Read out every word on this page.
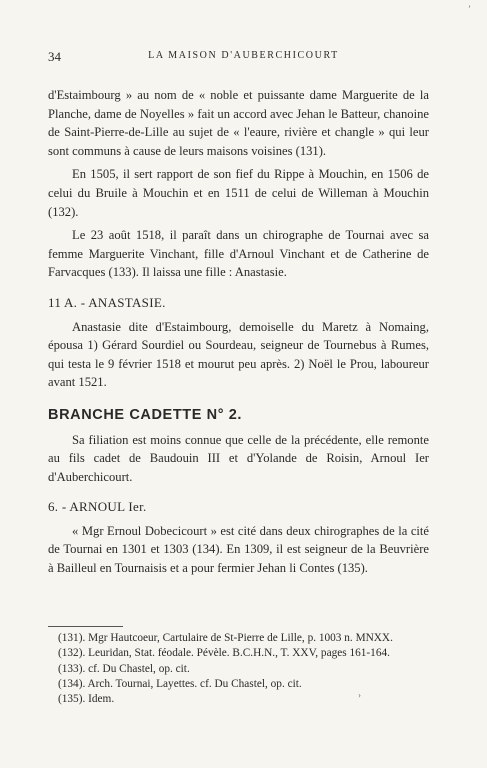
34	LA MAISON D'AUBERCHICOURT

d'Estaimbourg » au nom de « noble et puissante dame Marguerite de la Planche, dame de Noyelles » fait un accord avec Jehan le Batteur, chanoine de Saint-Pierre-de-Lille au sujet de « l'eaure, rivière et changle » qui leur sont communs à cause de leurs maisons voisines (131).

En 1505, il sert rapport de son fief du Rippe à Mouchin, en 1506 de celui du Bruile à Mouchin et en 1511 de celui de Willeman à Mouchin (132).

Le 23 août 1518, il paraît dans un chirographe de Tournai avec sa femme Marguerite Vinchant, fille d'Arnoul Vinchant et de Catherine de Farvacques (133). Il laissa une fille : Anastasie.

11 A. - ANASTASIE.

Anastasie dite d'Estaimbourg, demoiselle du Maretz à Nomaing, épousa 1) Gérard Sourdiel ou Sourdeau, seigneur de Tournebus à Rumes, qui testa le 9 février 1518 et mourut peu après. 2) Noël le Prou, laboureur avant 1521.

BRANCHE CADETTE N° 2.

Sa filiation est moins connue que celle de la précédente, elle remonte au fils cadet de Baudouin III et d'Yolande de Roisin, Arnoul Ier d'Auberchicourt.

6. - ARNOUL Ier.

« Mgr Ernoul Dobecicourt » est cité dans deux chirographes de la cité de Tournai en 1301 et 1303 (134). En 1309, il est seigneur de la Beuvrière à Bailleul en Tournaisis et a pour fermier Jehan li Contes (135).

(131). Mgr Hautcoeur, Cartulaire de St-Pierre de Lille, p. 1003 n. MNXX.
(132). Leuridan, Stat. féodale. Pévèle. B.C.H.N., T. XXV, pages 161-164.
(133). cf. Du Chastel, op. cit.
(134). Arch. Tournai, Layettes. cf. Du Chastel, op. cit.
(135). Idem.
’
›
